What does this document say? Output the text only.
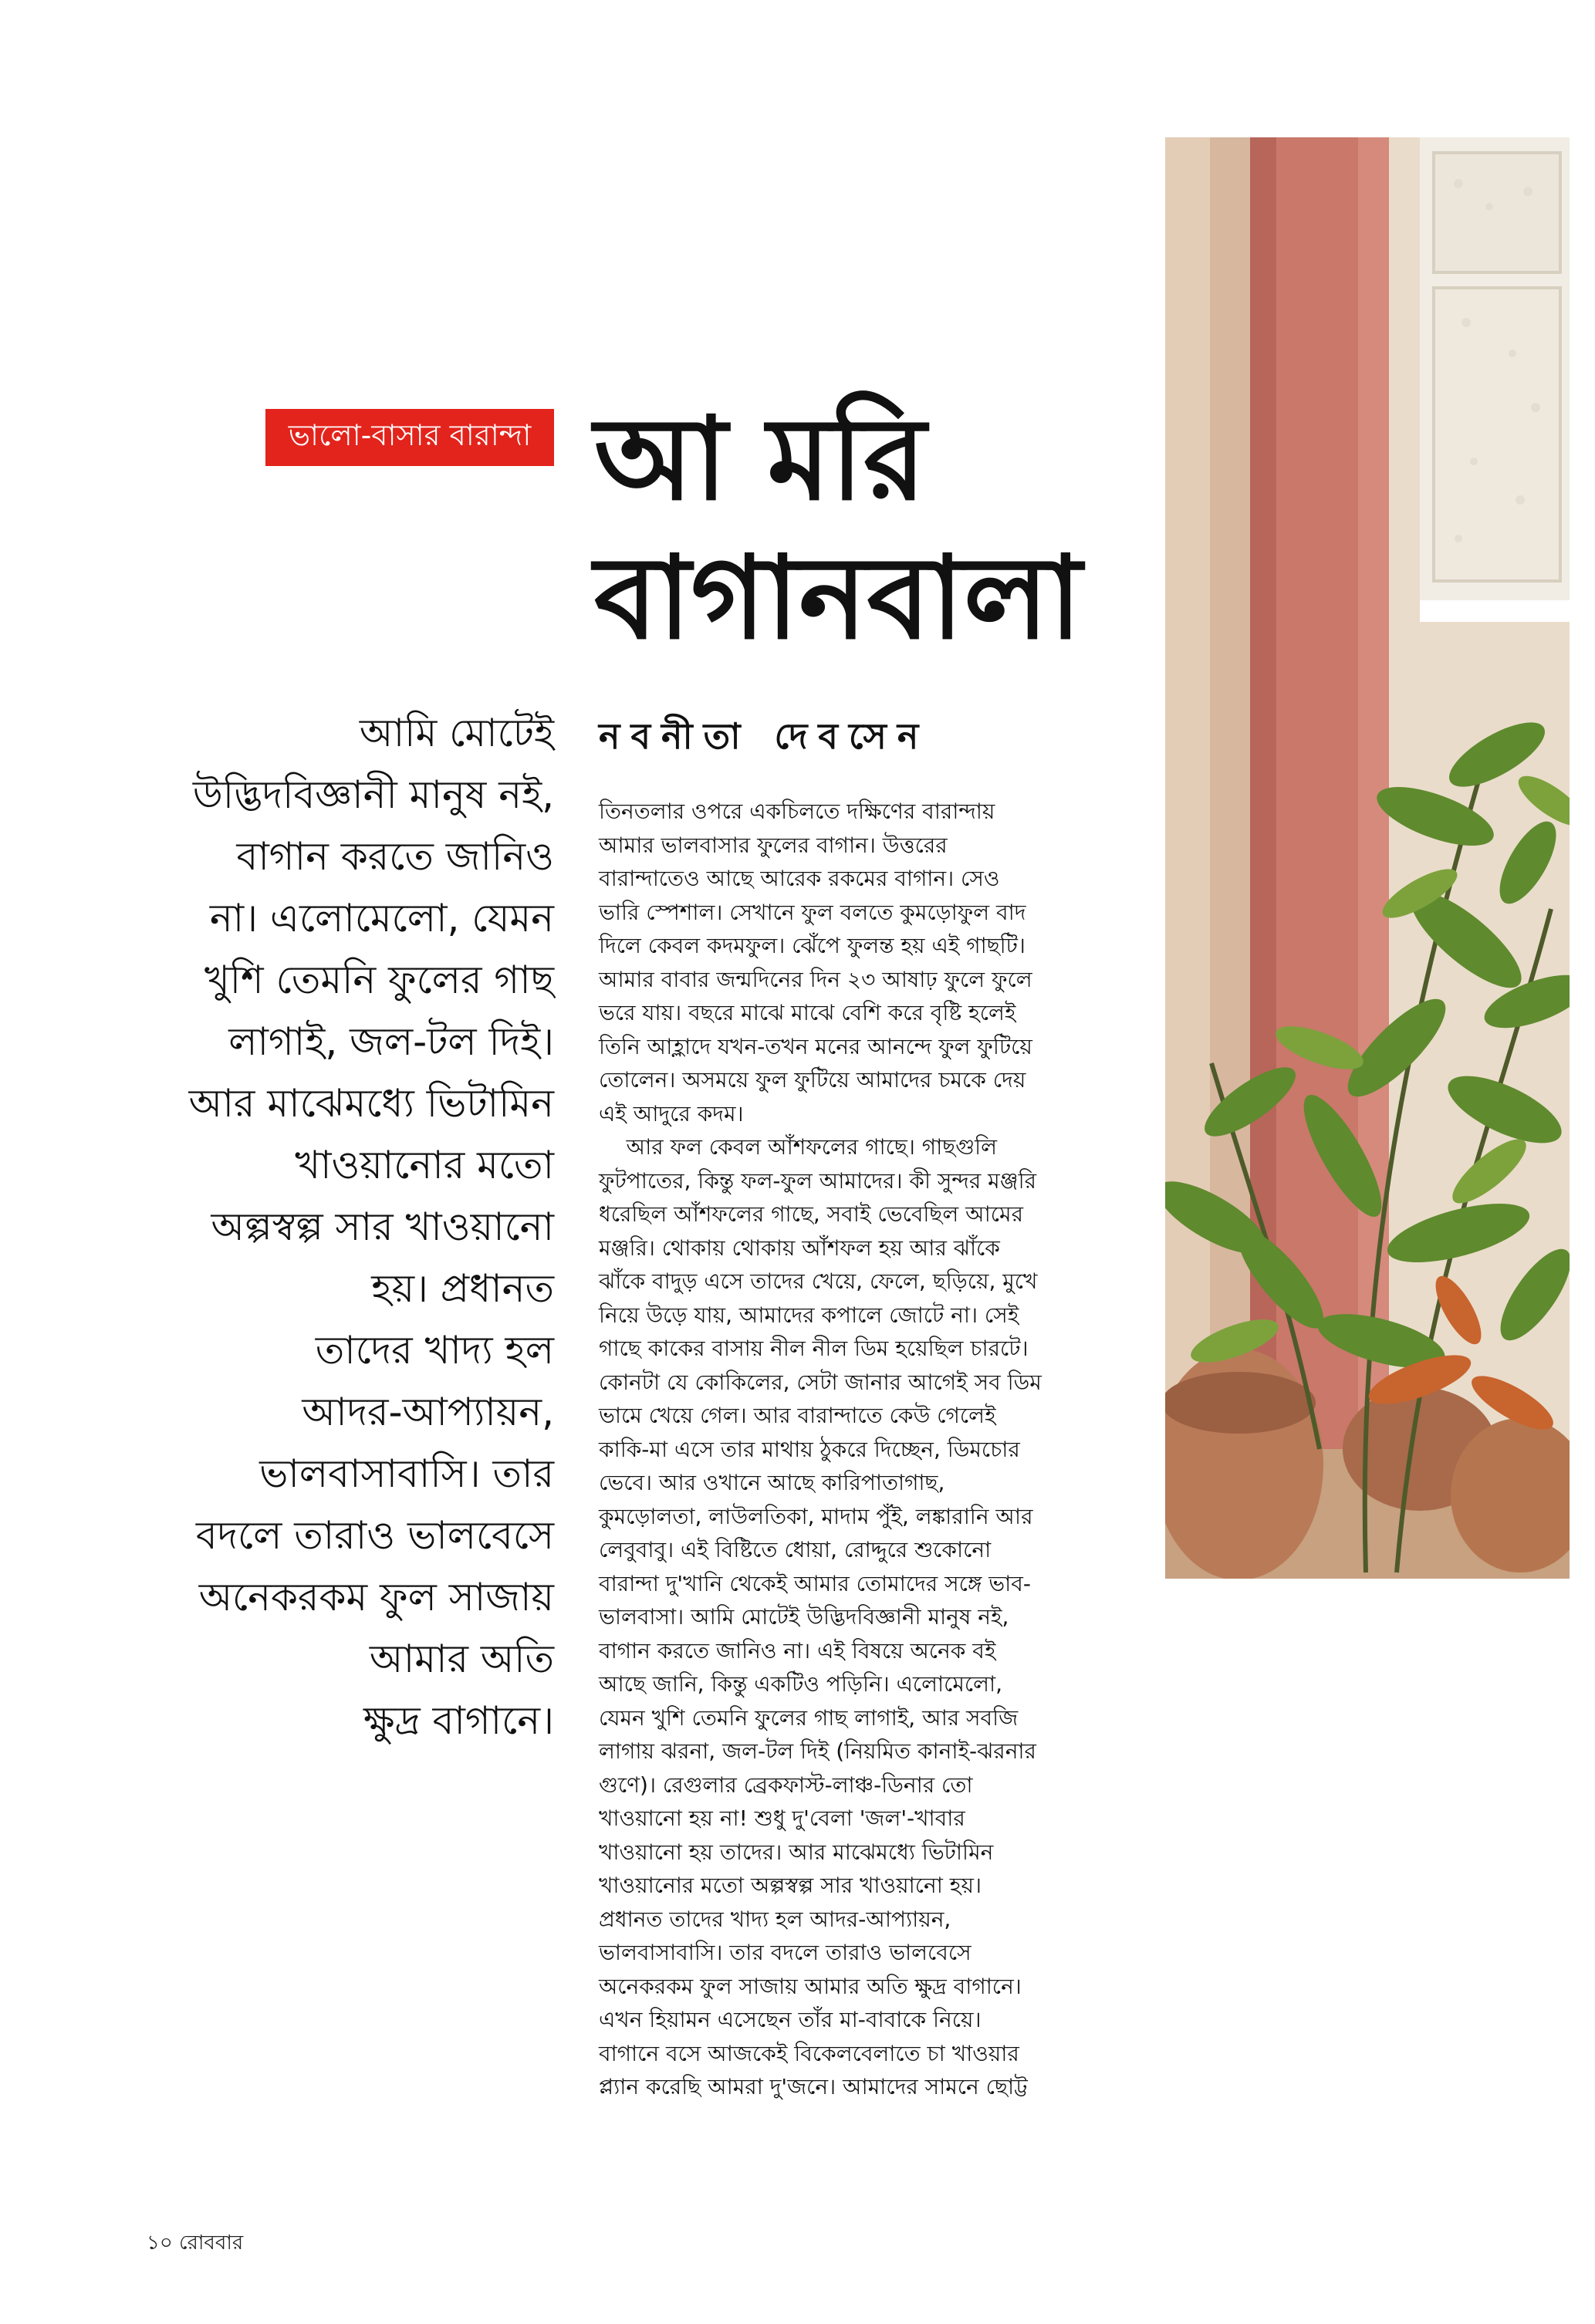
ভালো-বাসার বারান্দা আ মরি
বাগানবালা
নবনীতা দেবসেন
আমি মোটেই
উদ্ভিদবিজ্ঞানী মানুষ নই,
বাগান করতে জানিও
না। এলোমেলো, যেমন
খুশি তেমনি ফুলের গাছ
লাগাই, জল-টল দিই।
আর মাঝেমধ্যে ভিটামিন
খাওয়ানোর মতো
অল্পস্বল্প সার খাওয়ানো
হয়। প্রধানত
তাদের খাদ্য হল
আদর-আপ্যায়ন,
ভালবাসাবাসি। তার
বদলে তারাও ভালবেসে
অনেকরকম ফুল সাজায়
আমার অতি
ক্ষুদ্র বাগানে।
তিনতলার ওপরে একচিলতে দক্ষিণের বারান্দায়
আমার ভালবাসার ফুলের বাগান। উত্তরের
বারান্দাতেও আছে আরেক রকমের বাগান। সেও
ভারি স্পেশাল। সেখানে ফুল বলতে কুমড়োফুল বাদ
দিলে কেবল কদমফুল। ঝেঁপে ফুলন্ত হয় এই গাছটি।
আমার বাবার জন্মদিনের দিন ২৩ আষাঢ় ফুলে ফুলে
ভরে যায়। বছরে মাঝে মাঝে বেশি করে বৃষ্টি হলেই
তিনি আহ্লাদে যখন-তখন মনের আনন্দে ফুল ফুটিয়ে
তোলেন। অসময়ে ফুল ফুটিয়ে আমাদের চমকে দেয়
এই আদুরে কদম।
আর ফল কেবল আঁশফলের গাছে। গাছগুলি
ফুটপাতের, কিন্তু ফল-ফুল আমাদের। কী সুন্দর মঞ্জরি
ধরেছিল আঁশফলের গাছে, সবাই ভেবেছিল আমের
মঞ্জরি। থোকায় থোকায় আঁশফল হয় আর ঝাঁকে
ঝাঁকে বাদুড় এসে তাদের খেয়ে, ফেলে, ছড়িয়ে, মুখে
নিয়ে উড়ে যায়, আমাদের কপালে জোটে না। সেই
গাছে কাকের বাসায় নীল নীল ডিম হয়েছিল চারটে।
কোনটা যে কোকিলের, সেটা জানার আগেই সব ডিম
ভামে খেয়ে গেল। আর বারান্দাতে কেউ গেলেই
কাকি-মা এসে তার মাথায় ঠুকরে দিচ্ছেন, ডিমচোর
ভেবে। আর ওখানে আছে কারিপাতাগাছ,
কুমড়োলতা, লাউলতিকা, মাদাম পুঁই, লঙ্কারানি আর
লেবুবাবু। এই বিষ্টিতে ধোয়া, রোদ্দুরে শুকোনো
বারান্দা দু'খানি থেকেই আমার তোমাদের সঙ্গে ভাব-
ভালবাসা। আমি মোটেই উদ্ভিদবিজ্ঞানী মানুষ নই,
বাগান করতে জানিও না। এই বিষয়ে অনেক বই
আছে জানি, কিন্তু একটিও পড়িনি। এলোমেলো,
যেমন খুশি তেমনি ফুলের গাছ লাগাই, আর সবজি
লাগায় ঝরনা, জল-টল দিই (নিয়মিত কানাই-ঝরনার
গুণে)। রেগুলার ব্রেকফাস্ট-লাঞ্চ-ডিনার তো
খাওয়ানো হয় না! শুধু দু'বেলা 'জল'-খাবার
খাওয়ানো হয় তাদের। আর মাঝেমধ্যে ভিটামিন
খাওয়ানোর মতো অল্পস্বল্প সার খাওয়ানো হয়।
প্রধানত তাদের খাদ্য হল আদর-আপ্যায়ন,
ভালবাসাবাসি। তার বদলে তারাও ভালবেসে
অনেকরকম ফুল সাজায় আমার অতি ক্ষুদ্র বাগানে।
এখন হিয়ামন এসেছেন তাঁর মা-বাবাকে নিয়ে।
বাগানে বসে আজকেই বিকেলবেলাতে চা খাওয়ার
প্ল্যান করেছি আমরা দু'জনে। আমাদের সামনে ছোট্ট
১০ রোববার
